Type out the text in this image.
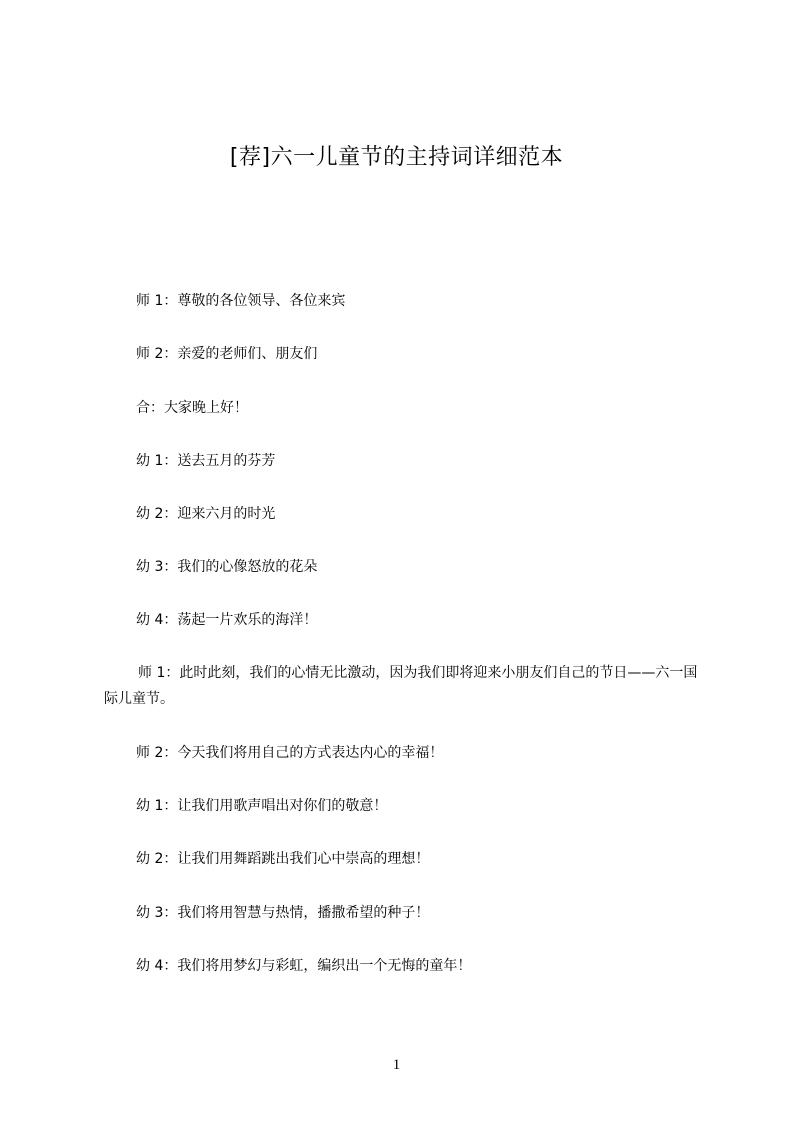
[荐]六一儿童节的主持词详细范本
师 1：尊敬的各位领导、各位来宾
师 2：亲爱的老师们、朋友们
合：大家晚上好！
幼 1：送去五月的芬芳
幼 2：迎来六月的时光
幼 3：我们的心像怒放的花朵
幼 4：荡起一片欢乐的海洋！
师 1：此时此刻，我们的心情无比激动，因为我们即将迎来小朋友们自己的节日——六一国际儿童节。
师 2：今天我们将用自己的方式表达内心的幸福！
幼 1：让我们用歌声唱出对你们的敬意！
幼 2：让我们用舞蹈跳出我们心中崇高的理想！
幼 3：我们将用智慧与热情，播撒希望的种子！
幼 4：我们将用梦幻与彩虹，编织出一个无悔的童年！
1
